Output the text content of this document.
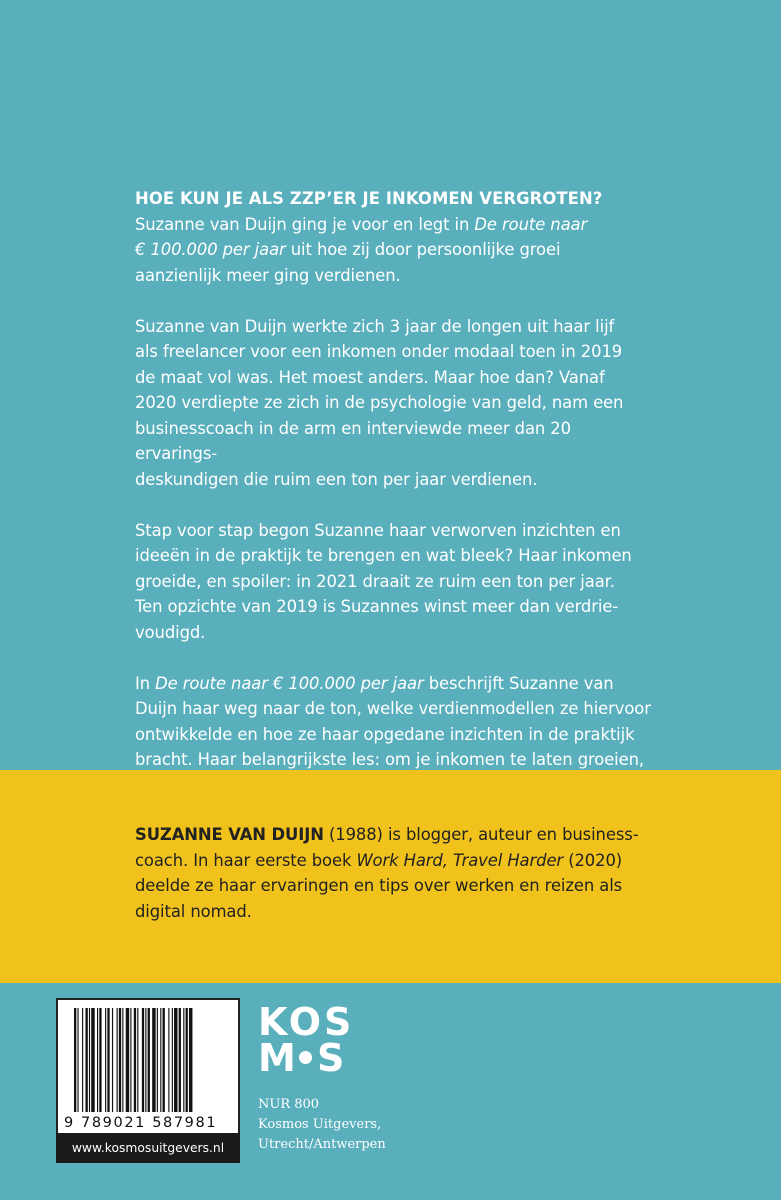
HOE KUN JE ALS ZZP’ER JE INKOMEN VERGROTEN?

Suzanne van Duijn ging je voor en legt in De route naar
€ 100.000 per jaar uit hoe zij door persoonlijke groei
aanzienlijk meer ging verdienen.

Suzanne van Duijn werkte zich 3 jaar de longen uit haar lijf
als freelancer voor een inkomen onder modaal toen in 2019
de maat vol was. Het moest anders. Maar hoe dan? Vanaf
2020 verdiepte ze zich in de psychologie van geld, nam een
businesscoach in de arm en interviewde meer dan 20 ervarings-
deskundigen die ruim een ton per jaar verdienen.

Stap voor stap begon Suzanne haar verworven inzichten en
ideeën in de praktijk te brengen en wat bleek? Haar inkomen
groeide, en spoiler: in 2021 draait ze ruim een ton per jaar.
Ten opzichte van 2019 is Suzannes winst meer dan verdrie-
voudigd.

In De route naar € 100.000 per jaar beschrijft Suzanne van
Duijn haar weg naar de ton, welke verdienmodellen ze hiervoor
ontwikkelde en hoe ze haar opgedane inzichten in de praktijk
bracht. Haar belangrijkste les: om je inkomen te laten groeien,

SUZANNE VAN DUIJN (1988) is blogger, auteur en business-
coach. In haar eerste boek Work Hard, Travel Harder (2020)
deelde ze haar ervaringen en tips over werken en reizen als
digital nomad.
9 789021 587981
www.kosmosuitgevers.nl
KOS
M S
NUR 800
Kosmos Uitgevers,
Utrecht/Antwerpen
